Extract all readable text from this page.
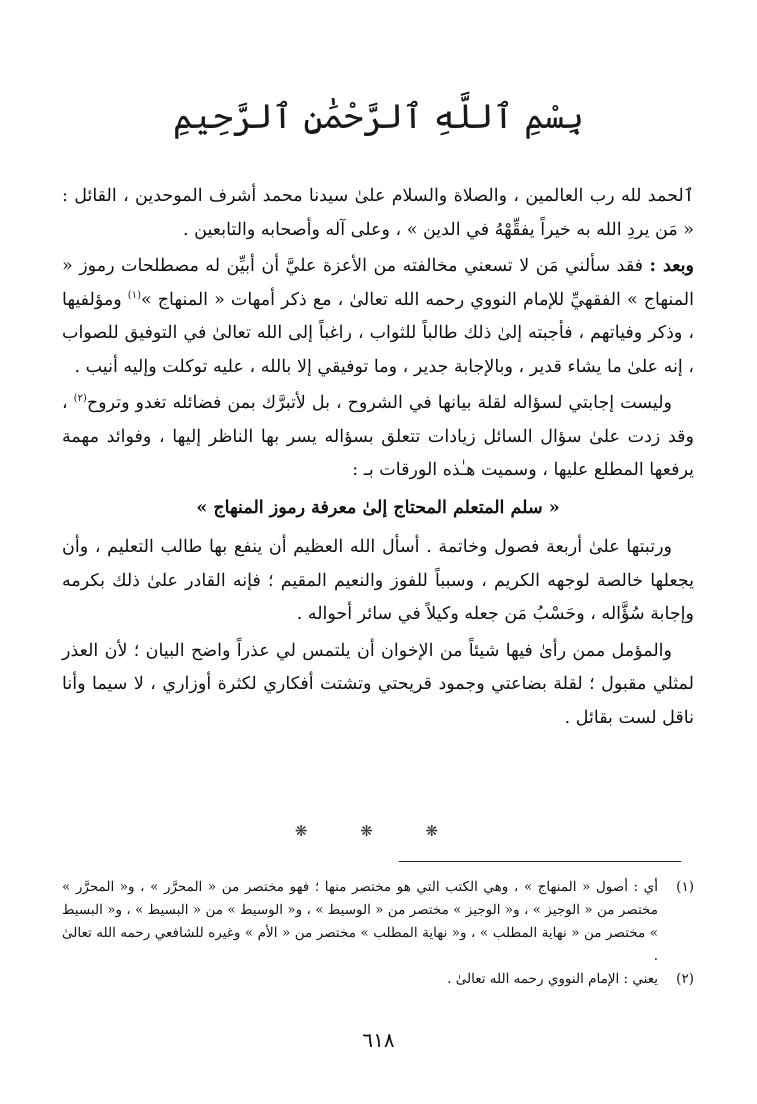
بِسْمِ ٱللَّهِ ٱلرَّحْمَٰنِ ٱلرَّحِيمِ

ٱلحمد لله رب العالمين ، والصلاة والسلام علىٰ سيدنا محمد أشرف الموحدين ، القائل : « مَن يردِ الله به خيراً يفقِّهْهُ في الدين » ، وعلى آله وأصحابه والتابعين .

وبعد : فقد سألني مَن لا تسعني مخالفته من الأعزة عليَّ أن أبيِّن له مصطلحات رموز « المنهاج » الفقهيِّ للإمام النووي رحمه الله تعالىٰ ، مع ذكر أمهات « المنهاج »$^{(١)}$ ومؤلفيها ، وذكر وفياتهم ، فأجبته إلىٰ ذلك طالباً للثواب ، راغباً إلى الله تعالىٰ في التوفيق للصواب ، إنه علىٰ ما يشاء قدير ، وبالإجابة جدير ، وما توفيقي إلا بالله ، عليه توكلت وإليه أنيب .

وليست إجابتي لسؤاله لقلة بيانها في الشروح ، بل لأتبرَّك بمن فضائله تغدو وتروح$^{(٢)}$ ، وقد زدت علىٰ سؤال السائل زيادات تتعلق بسؤاله يسر بها الناظر إليها ، وفوائد مهمة يرفعها المطلع عليها ، وسميت هـٰذه الورقات بـ :

« سلم المتعلم المحتاج إلىٰ معرفة رموز المنهاج »

ورتبتها علىٰ أربعة فصول وخاتمة . أسأل الله العظيم أن ينفع بها طالب التعليم ، وأن يجعلها خالصة لوجهه الكريم ، وسبباً للفوز والنعيم المقيم ؛ فإنه القادر علىٰ ذلك بكرمه وإجابة سُؤَّاله ، وحَسْبُ مَن جعله وكيلاً في سائر أحواله .

والمؤمل ممن رأىٰ فيها شيئاً من الإخوان أن يلتمس لي عذراً واضح البيان ؛ لأن العذر لمثلي مقبول ؛ لقلة بضاعتي وجمود قريحتي وتشتت أفكاري لكثرة أوزاري ، لا سيما وأنا ناقل لست بقائل .

❋ ❋ ❋
(١)
أي : أصول « المنهاج » ، وهي الكتب التي هو مختصر منها ؛ فهو مختصر من « المحرَّر » ، و« المحرَّر » مختصر من « الوجيز » ، و« الوجيز » مختصر من « الوسيط » ، و« الوسيط » من « البسيط » ، و« البسيط » مختصر من « نهاية المطلب » ، و« نهاية المطلب » مختصر من « الأم » وغيره للشافعي رحمه الله تعالىٰ .
(٢)
يعني : الإمام النووي رحمه الله تعالىٰ .
٦١٨
